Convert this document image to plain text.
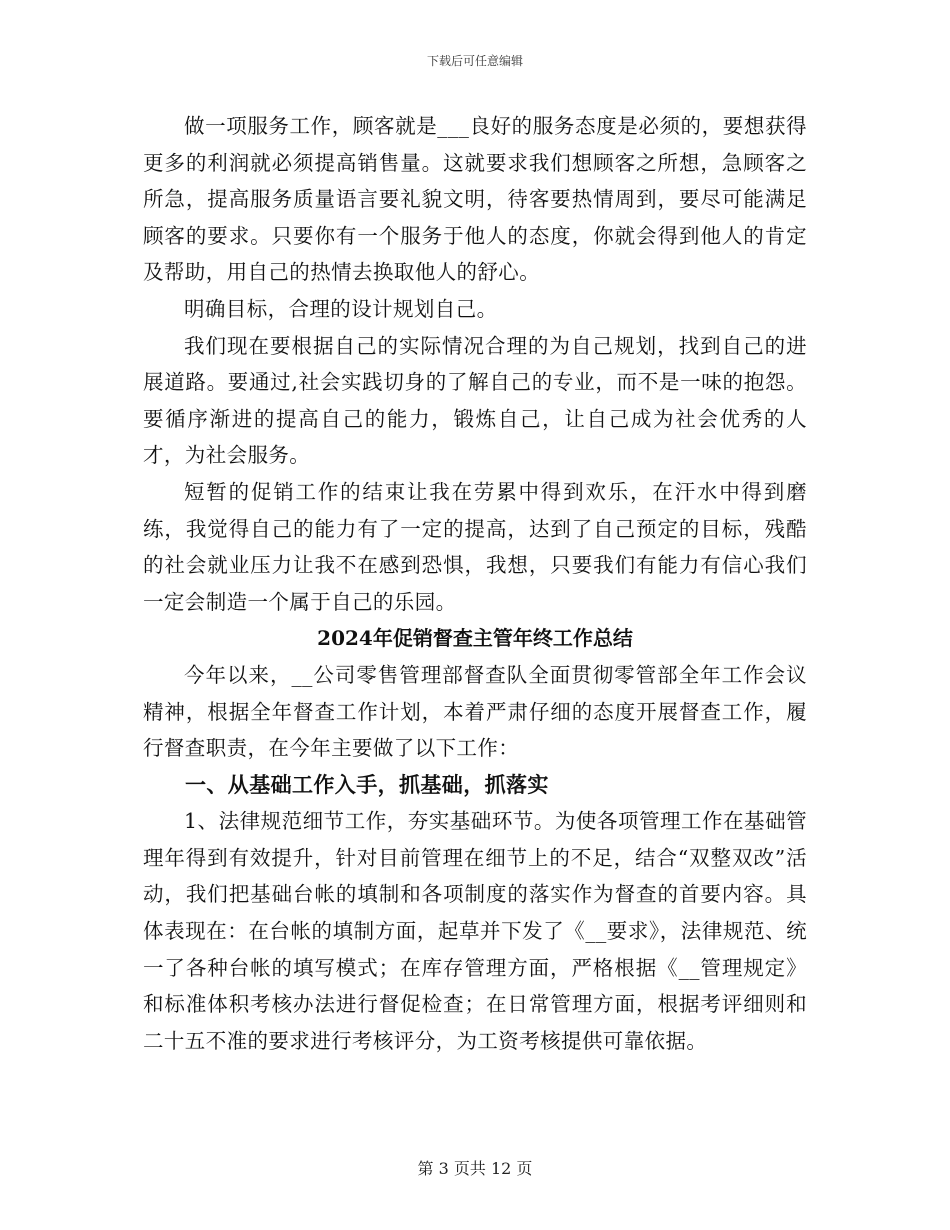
下载后可任意编辑

做一项服务工作，顾客就是___良好的服务态度是必须的，要想获得更多的利润就必须提高销售量。这就要求我们想顾客之所想，急顾客之所急，提高服务质量语言要礼貌文明，待客要热情周到，要尽可能满足顾客的要求。只要你有一个服务于他人的态度，你就会得到他人的肯定及帮助，用自己的热情去换取他人的舒心。

明确目标，合理的设计规划自己。

我们现在要根据自己的实际情况合理的为自己规划，找到自己的进展道路。要通过,社会实践切身的了解自己的专业，而不是一味的抱怨。要循序渐进的提高自己的能力，锻炼自己，让自己成为社会优秀的人才，为社会服务。

短暂的促销工作的结束让我在劳累中得到欢乐，在汗水中得到磨练，我觉得自己的能力有了一定的提高，达到了自己预定的目标，残酷的社会就业压力让我不在感到恐惧，我想，只要我们有能力有信心我们一定会制造一个属于自己的乐园。

2024年促销督查主管年终工作总结

今年以来，__公司零售管理部督查队全面贯彻零管部全年工作会议精神，根据全年督查工作计划，本着严肃仔细的态度开展督查工作，履行督查职责，在今年主要做了以下工作：

一、从基础工作入手，抓基础，抓落实

1、法律规范细节工作，夯实基础环节。为使各项管理工作在基础管理年得到有效提升，针对目前管理在细节上的不足，结合“双整双改”活动，我们把基础台帐的填制和各项制度的落实作为督查的首要内容。具体表现在：在台帐的填制方面，起草并下发了《__要求》，法律规范、统一了各种台帐的填写模式；在库存管理方面，严格根据《__管理规定》和标准体积考核办法进行督促检查；在日常管理方面，根据考评细则和二十五不准的要求进行考核评分，为工资考核提供可靠依据。

第 3 页共 12 页
